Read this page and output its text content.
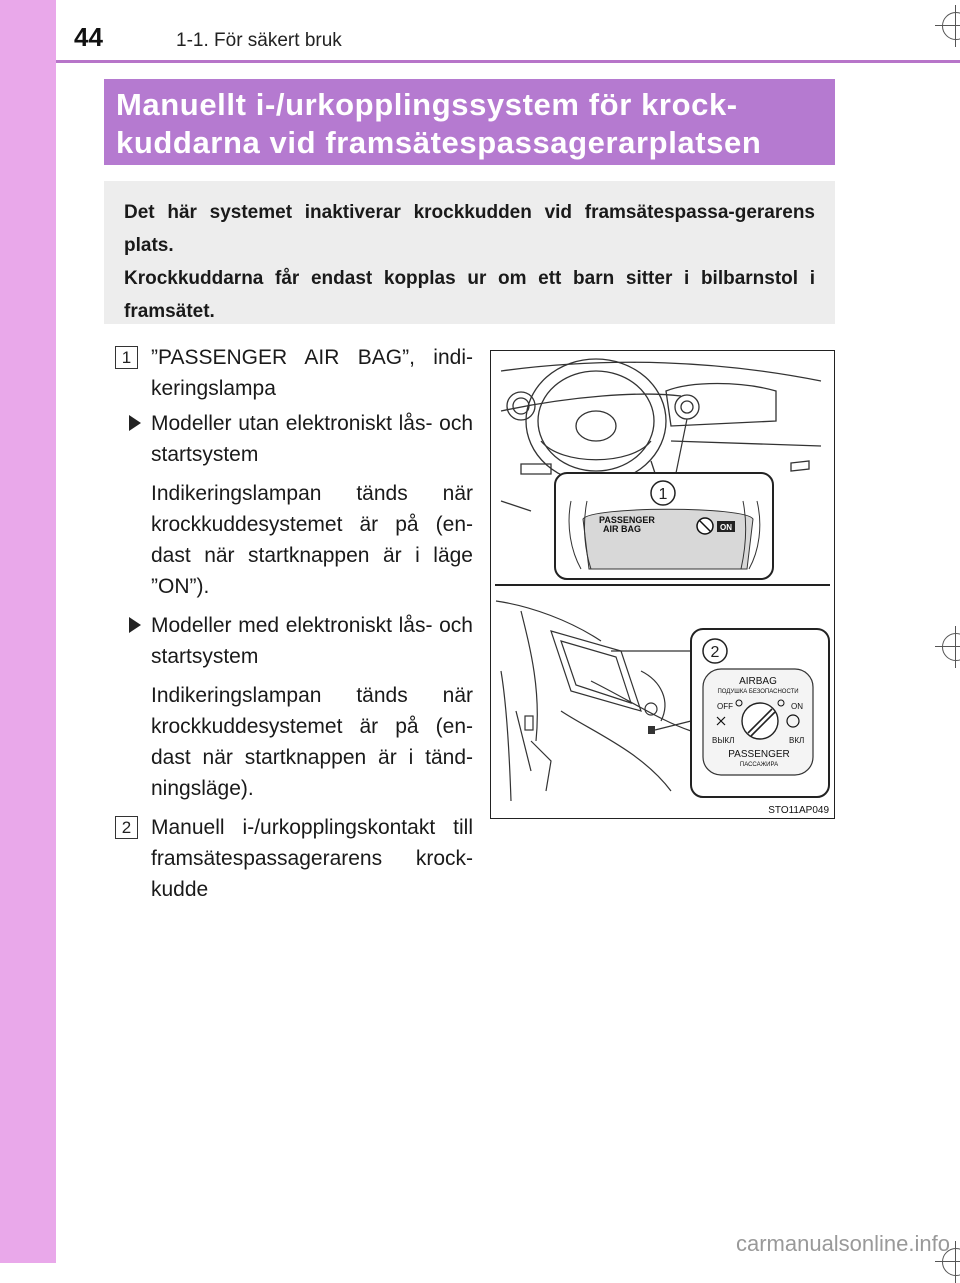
44	1-1. För säkert bruk
Manuellt i-/urkopplingssystem för krock-kuddarna vid framsätespassagerarplatsen

Det här systemet inaktiverar krockkudden vid framsätespassa-gerarens plats.

Krockkuddarna får endast kopplas ur om ett barn sitter i bilbarnstol i framsätet.

1 ”PASSENGER AIR BAG”, indi-keringslampa
Modeller utan elektroniskt lås- och startsystem
Indikeringslampan tänds när krockkuddesystemet är på (en-dast när startknappen är i läge ”ON”).
Modeller med elektroniskt lås- och startsystem
Indikeringslampan tänds när krockkuddesystemet är på (en-dast när startknappen är i tänd-ningsläge).
2 Manuell i-/urkopplingskontakt till framsätespassagerarens krock-kudde
1
PASSENGER
AIR BAG	ON
2
AIRBAG
ПОДУШКА БЕЗОПАСНОСТИ
OFF	ON
ВЫКЛ	ВКЛ
PASSENGER
ПАССАЖИРА
STO11AP049
carmanualsonline.info
